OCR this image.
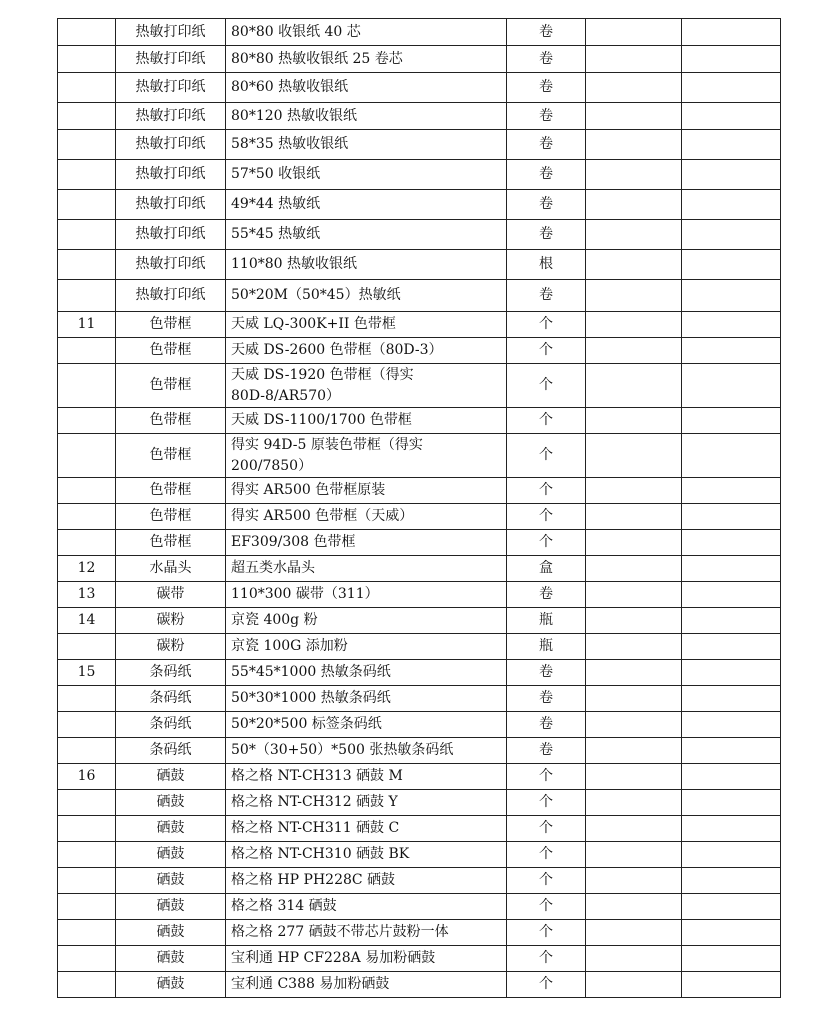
	热敏打印纸	80*80 收银纸 40 芯	卷		
	热敏打印纸	80*80 热敏收银纸 25 卷芯	卷		
	热敏打印纸	80*60 热敏收银纸	卷		
	热敏打印纸	80*120 热敏收银纸	卷		
	热敏打印纸	58*35 热敏收银纸	卷		
	热敏打印纸	57*50 收银纸	卷		
	热敏打印纸	49*44 热敏纸	卷		
	热敏打印纸	55*45 热敏纸	卷		
	热敏打印纸	110*80 热敏收银纸	根		
	热敏打印纸	50*20M（50*45）热敏纸	卷		
11	色带框	天威 LQ-300K+II 色带框	个		
	色带框	天威 DS-2600 色带框（80D-3）	个		
	色带框	天威 DS-1920 色带框（得实
80D-8/AR570）	个		
	色带框	天威 DS-1100/1700 色带框	个		
	色带框	得实 94D-5 原装色带框（得实
200/7850）	个		
	色带框	得实 AR500 色带框原装	个		
	色带框	得实 AR500 色带框（天威）	个		
	色带框	EF309/308 色带框	个		
12	水晶头	超五类水晶头	盒		
13	碳带	110*300 碳带（311）	卷		
14	碳粉	京瓷 400g 粉	瓶		
	碳粉	京瓷 100G 添加粉	瓶		
15	条码纸	55*45*1000 热敏条码纸	卷		
	条码纸	50*30*1000 热敏条码纸	卷		
	条码纸	50*20*500 标签条码纸	卷		
	条码纸	50*（30+50）*500 张热敏条码纸	卷		
16	硒鼓	格之格 NT-CH313 硒鼓 M	个		
	硒鼓	格之格 NT-CH312 硒鼓 Y	个		
	硒鼓	格之格 NT-CH311 硒鼓 C	个		
	硒鼓	格之格 NT-CH310 硒鼓 BK	个		
	硒鼓	格之格 HP PH228C 硒鼓	个		
	硒鼓	格之格 314 硒鼓	个		
	硒鼓	格之格 277 硒鼓不带芯片鼓粉一体	个		
	硒鼓	宝利通 HP CF228A 易加粉硒鼓	个		
	硒鼓	宝利通 C388 易加粉硒鼓	个		
